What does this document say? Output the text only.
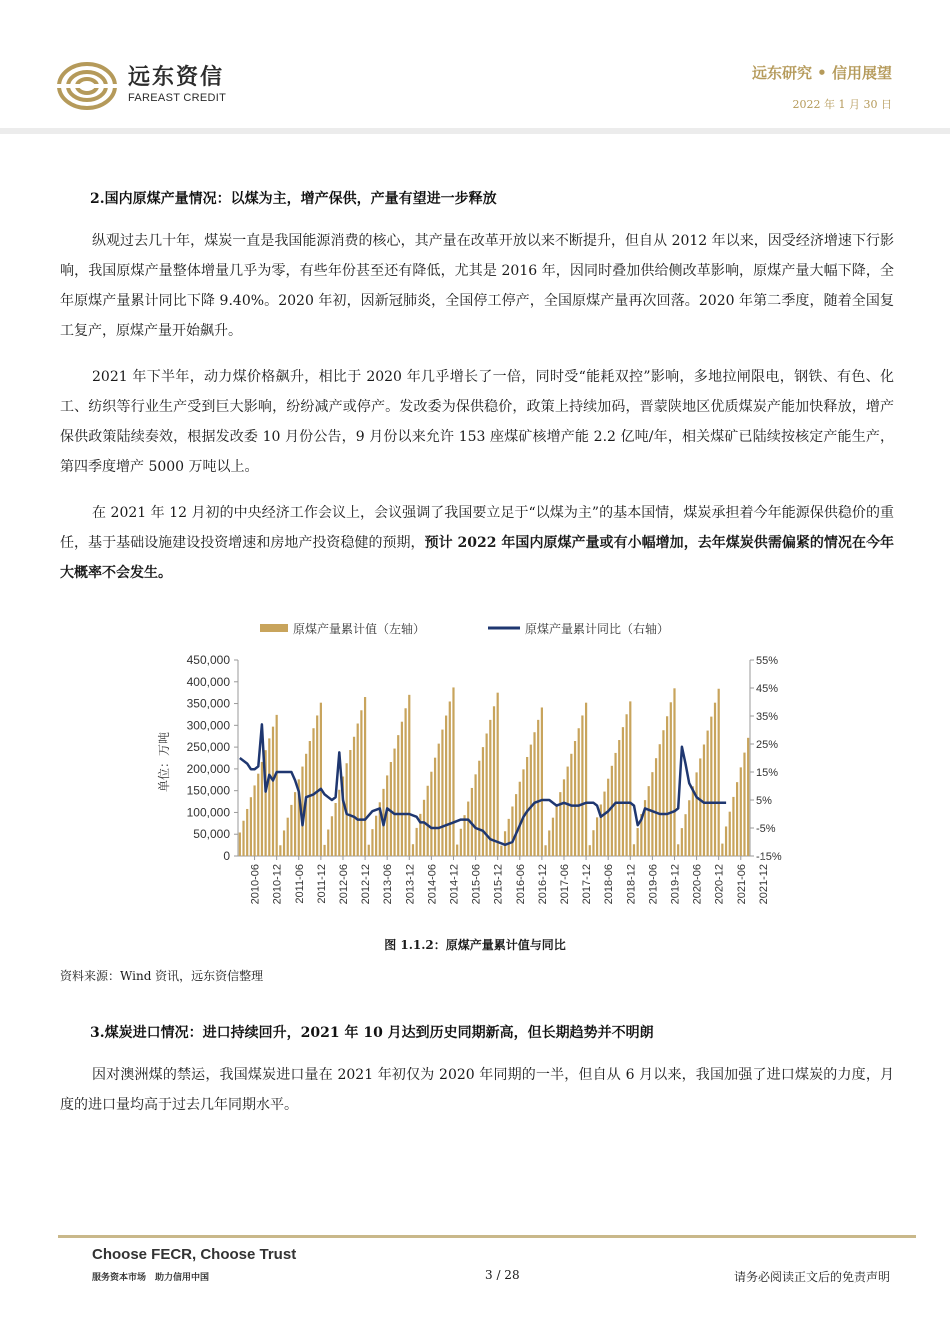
远东资信
FAREAST CREDIT
远东研究 • 信用展望
2022 年 1 月 30 日
2.国内原煤产量情况：以煤为主，增产保供，产量有望进一步释放

纵观过去几十年，煤炭一直是我国能源消费的核心，其产量在改革开放以来不断提升，但自从 2012 年以来，因受经济增速下行影响，我国原煤产量整体增量几乎为零，有些年份甚至还有降低，尤其是 2016 年，因同时叠加供给侧改革影响，原煤产量大幅下降，全年原煤产量累计同比下降 9.40%。2020 年初，因新冠肺炎，全国停工停产，全国原煤产量再次回落。2020 年第二季度，随着全国复工复产，原煤产量开始飙升。

2021 年下半年，动力煤价格飙升，相比于 2020 年几乎增长了一倍，同时受“能耗双控”影响，多地拉闸限电，钢铁、有色、化工、纺织等行业生产受到巨大影响，纷纷减产或停产。发改委为保供稳价，政策上持续加码，晋蒙陕地区优质煤炭产能加快释放，增产保供政策陆续奏效，根据发改委 10 月份公告，9 月份以来允许 153 座煤矿核增产能 2.2 亿吨/年，相关煤矿已陆续按核定产能生产，第四季度增产 5000 万吨以上。

在 2021 年 12 月初的中央经济工作会议上，会议强调了我国要立足于“以煤为主”的基本国情，煤炭承担着今年能源保供稳价的重任，基于基础设施建设投资增速和房地产投资稳健的预期，预计 2022 年国内原煤产量或有小幅增加，去年煤炭供需偏紧的情况在今年大概率不会发生。

原煤产量累计值（左轴）	原煤产量累计同比（右轴）
单位：万吨
450,000
400,000
350,000
300,000
250,000
200,000
150,000
100,000
50,000
0
55%
45%
35%
25%
15%
5%
-5%
-15%
2010-06 2010-12 2011-06 2011-12 2012-06 2012-12 2013-06 2013-12 2014-06 2014-12 2015-06 2015-12 2016-06 2016-12 2017-06 2017-12 2018-06 2018-12 2019-06 2019-12 2020-06 2020-12 2021-06 2021-12
图 1.1.2：原煤产量累计值与同比
资料来源：Wind 资讯，远东资信整理
3.煤炭进口情况：进口持续回升，2021 年 10 月达到历史同期新高，但长期趋势并不明朗

因对澳洲煤的禁运，我国煤炭进口量在 2021 年初仅为 2020 年同期的一半，但自从 6 月以来，我国加强了进口煤炭的力度，月度的进口量均高于过去几年同期水平。

Choose FECR, Choose Trust
服务资本市场　助力信用中国	3 / 28	请务必阅读正文后的免责声明
